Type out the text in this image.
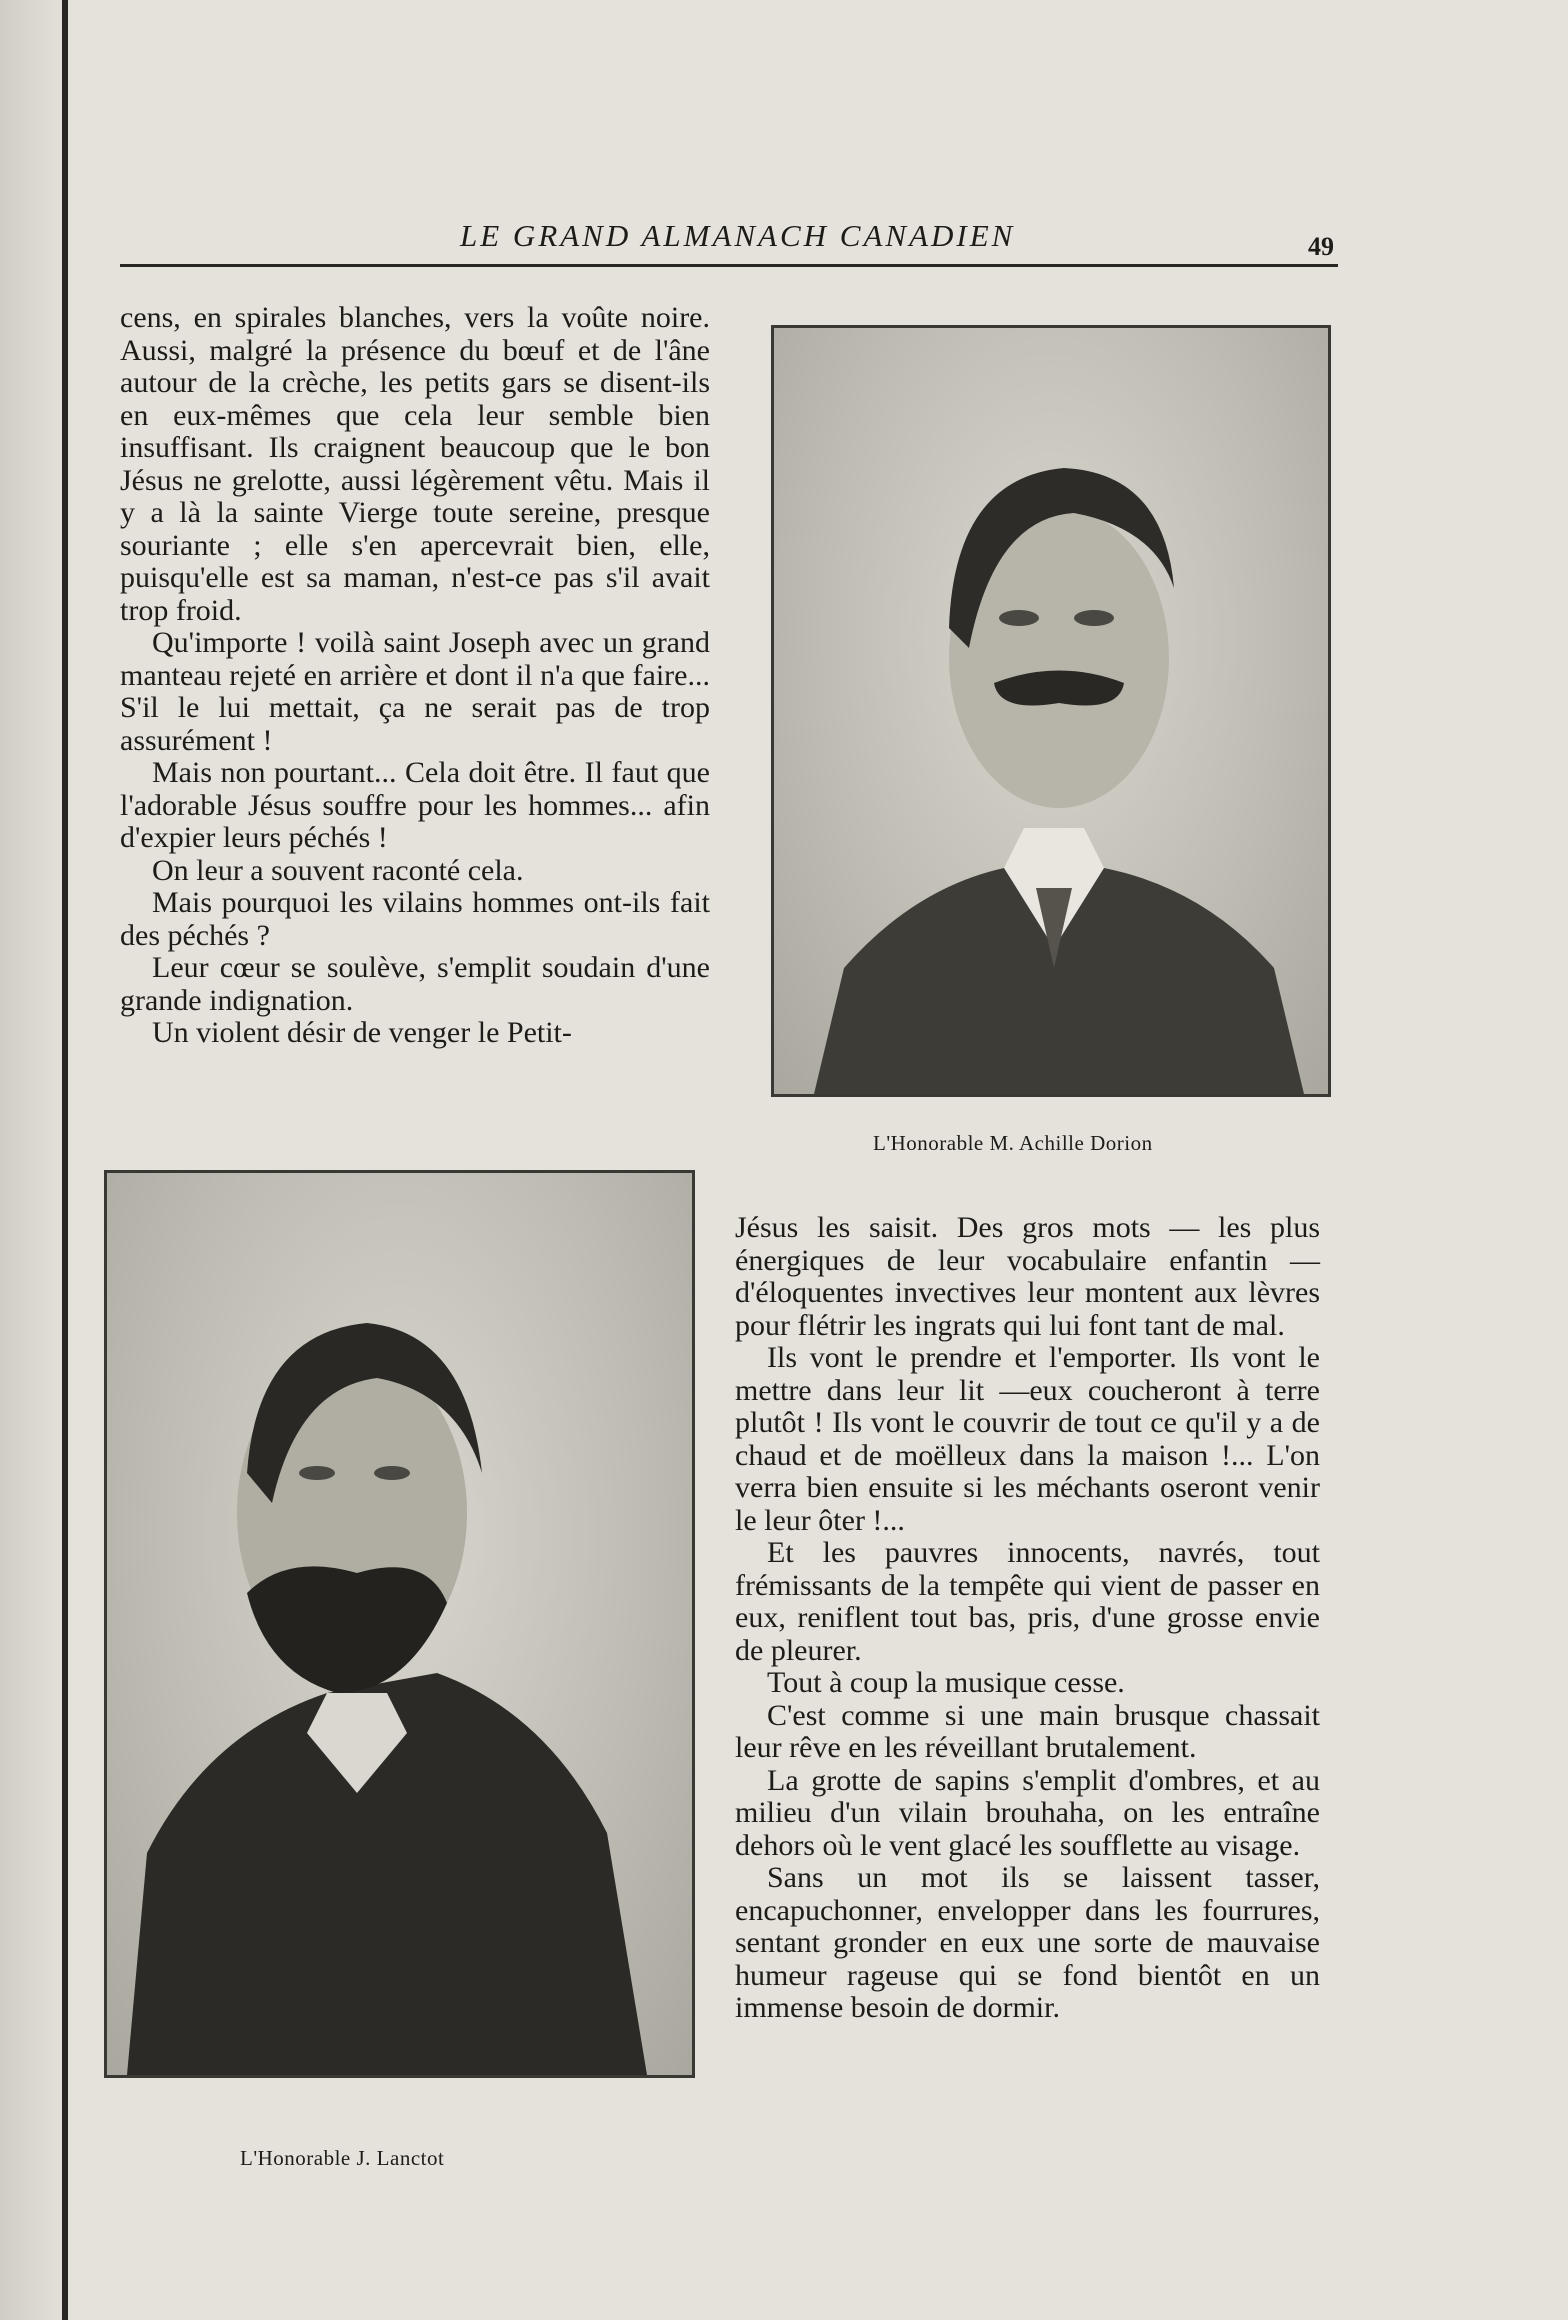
LE GRAND ALMANACH CANADIEN	49

cens, en spirales blanches, vers la voûte noire. Aussi, malgré la présence du bœuf et de l'âne autour de la crèche, les petits gars se disent-ils en eux-mêmes que cela leur semble bien insuffisant. Ils craignent beaucoup que le bon Jésus ne grelotte, aussi légèrement vêtu. Mais il y a là la sainte Vierge toute sereine, presque souriante ; elle s'en apercevrait bien, elle, puisqu'elle est sa maman, n'est-ce pas s'il avait trop froid.

Qu'importe ! voilà saint Joseph avec un grand manteau rejeté en arrière et dont il n'a que faire... S'il le lui mettait, ça ne serait pas de trop assurément !

Mais non pourtant... Cela doit être. Il faut que l'adorable Jésus souffre pour les hommes... afin d'expier leurs péchés !

On leur a souvent raconté cela.

Mais pourquoi les vilains hommes ont-ils fait des péchés ?

Leur cœur se soulève, s'emplit soudain d'une grande indignation.

Un violent désir de venger le Petit-

L'Honorable M. Achille Dorion
L'Honorable J. Lanctot

Jésus les saisit. Des gros mots — les plus énergiques de leur vocabulaire enfantin — d'éloquentes invectives leur montent aux lèvres pour flétrir les ingrats qui lui font tant de mal.

Ils vont le prendre et l'emporter. Ils vont le mettre dans leur lit —eux coucheront à terre plutôt ! Ils vont le couvrir de tout ce qu'il y a de chaud et de moëlleux dans la maison !... L'on verra bien ensuite si les méchants oseront venir le leur ôter !...

Et les pauvres innocents, navrés, tout frémissants de la tempête qui vient de passer en eux, reniflent tout bas, pris, d'une grosse envie de pleurer.

Tout à coup la musique cesse.

C'est comme si une main brusque chassait leur rêve en les réveillant brutalement.

La grotte de sapins s'emplit d'ombres, et au milieu d'un vilain brouhaha, on les entraîne dehors où le vent glacé les soufflette au visage.

Sans un mot ils se laissent tasser, encapuchonner, envelopper dans les fourrures, sentant gronder en eux une sorte de mauvaise humeur rageuse qui se fond bientôt en un immense besoin de dormir.
